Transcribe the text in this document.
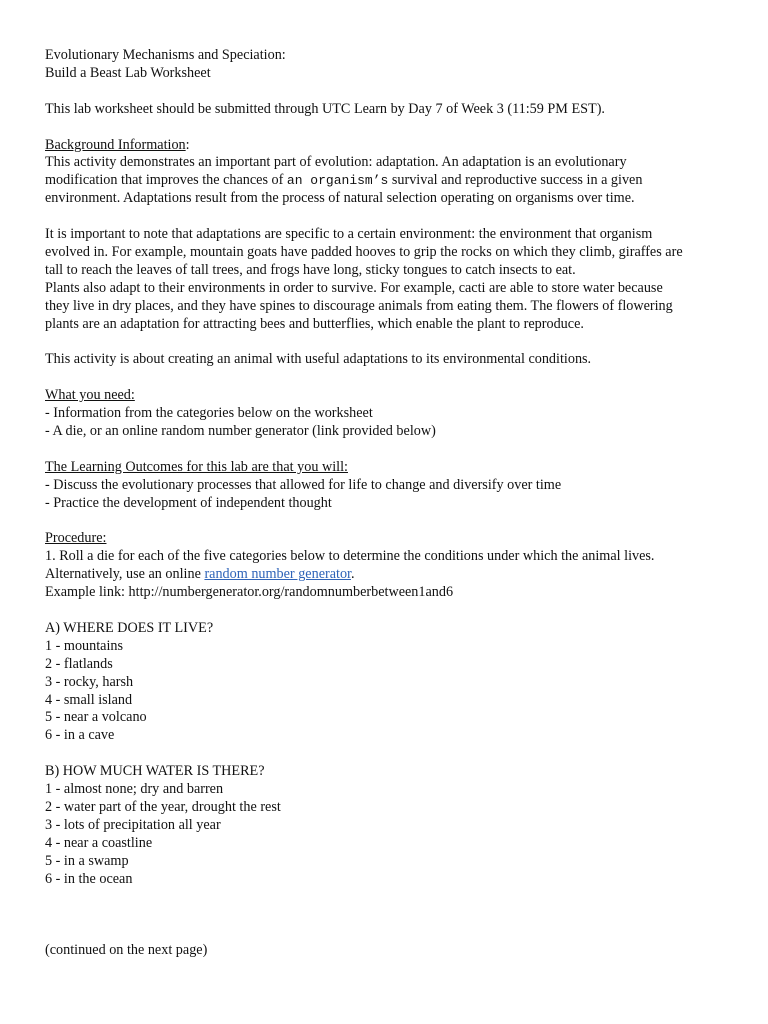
Evolutionary Mechanisms and Speciation:
Build a Beast Lab Worksheet
This lab worksheet should be submitted through UTC Learn by Day 7 of Week 3 (11:59 PM EST).
Background Information:
This activity demonstrates an important part of evolution: adaptation. An adaptation is an evolutionary
modification that improves the chances of an organism’s survival and reproductive success in a given
environment. Adaptations result from the process of natural selection operating on organisms over time.
It is important to note that adaptations are specific to a certain environment: the environment that organism
evolved in. For example, mountain goats have padded hooves to grip the rocks on which they climb, giraffes are
tall to reach the leaves of tall trees, and frogs have long, sticky tongues to catch insects to eat.
Plants also adapt to their environments in order to survive. For example, cacti are able to store water because
they live in dry places, and they have spines to discourage animals from eating them. The flowers of flowering
plants are an adaptation for attracting bees and butterflies, which enable the plant to reproduce.
This activity is about creating an animal with useful adaptations to its environmental conditions.
What you need:
- Information from the categories below on the worksheet
- A die, or an online random number generator (link provided below)
The Learning Outcomes for this lab are that you will:
- Discuss the evolutionary processes that allowed for life to change and diversify over time
- Practice the development of independent thought
Procedure:
1. Roll a die for each of the five categories below to determine the conditions under which the animal lives.
Alternatively, use an online random number generator.
Example link: http://numbergenerator.org/randomnumberbetween1and6
A) WHERE DOES IT LIVE?
1 - mountains
2 - flatlands
3 - rocky, harsh
4 - small island
5 - near a volcano
6 - in a cave
B) HOW MUCH WATER IS THERE?
1 - almost none; dry and barren
2 - water part of the year, drought the rest
3 - lots of precipitation all year
4 - near a coastline
5 - in a swamp
6 - in the ocean
(continued on the next page)
